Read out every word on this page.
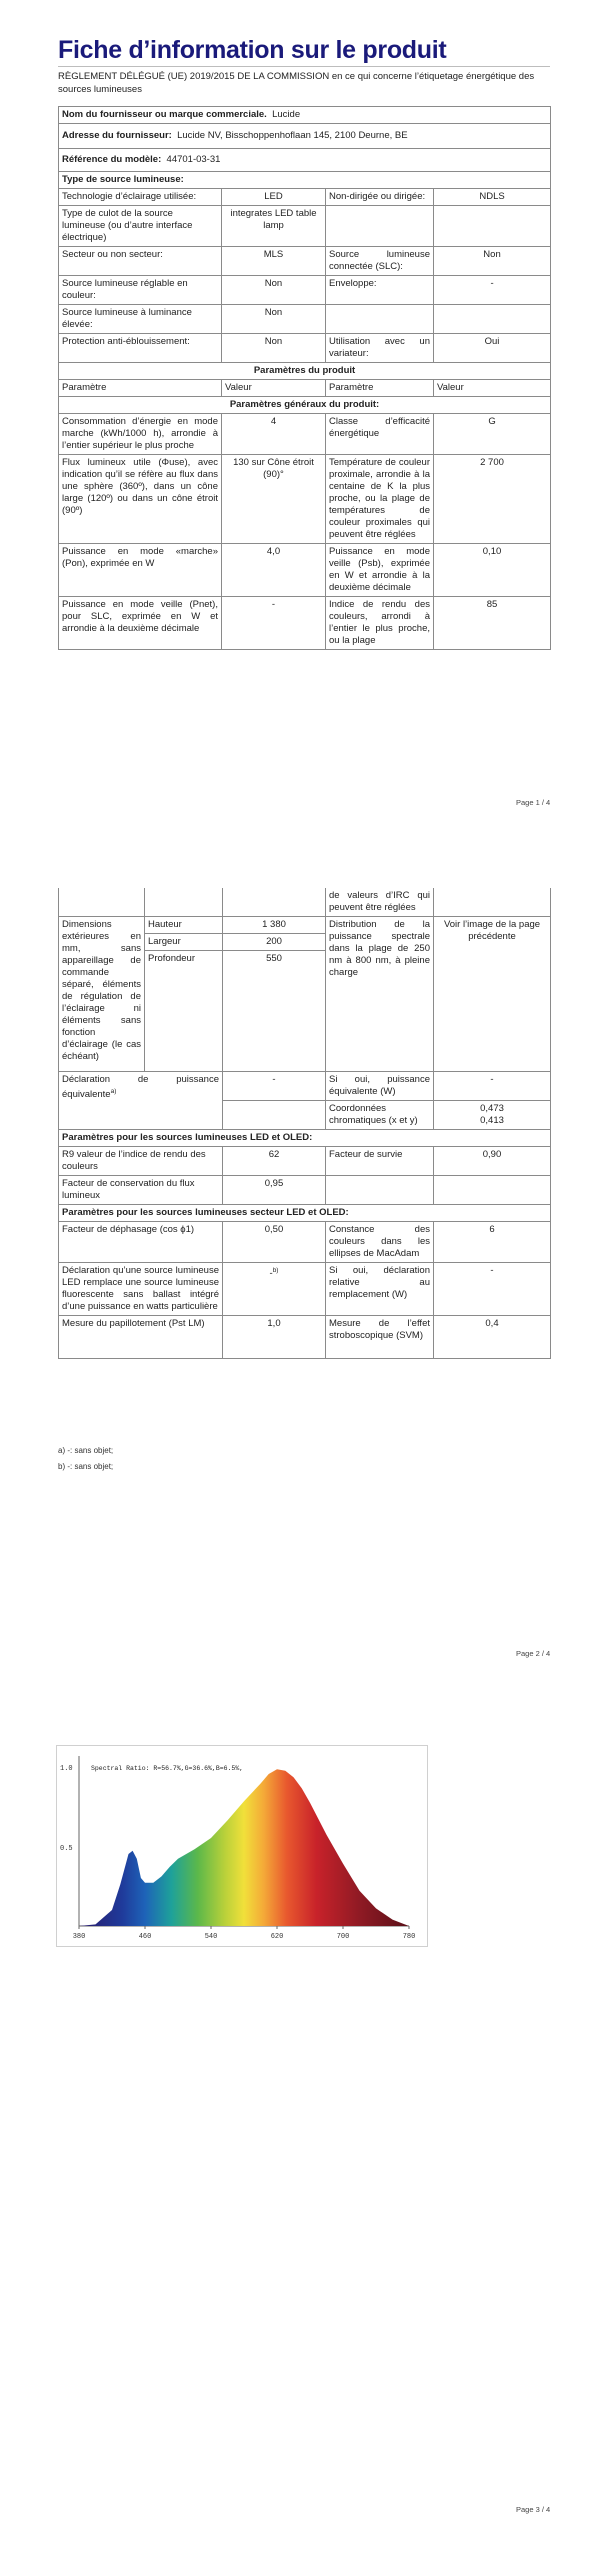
Fiche d’information sur le produit
RÈGLEMENT DÉLÉGUÉ (UE) 2019/2015 DE LA COMMISSION en ce qui concerne l’étiquetage énergétique des sources lumineuses
Nom du fournisseur ou marque commerciale. Lucide			
Adresse du fournisseur: Lucide NV, Bisschoppenhoflaan 145, 2100 Deurne, BE			
Référence du modèle: 44701-03-31			
Type de source lumineuse:			
Technologie d’éclairage utilisée:	LED	Non-dirigée ou dirigée:	NDLS
Type de culot de la source lumineuse (ou d’autre interface électrique)	integrates LED table lamp		
Secteur ou non secteur:	MLS	Source lumineuse connectée (SLC):	Non
Source lumineuse réglable en couleur:	Non	Enveloppe:	-
Source lumineuse à luminance élevée:	Non		
Protection anti-éblouissement:	Non	Utilisation avec un variateur:	Oui
Paramètres du produit			
Paramètre	Valeur	Paramètre	Valeur
Paramètres généraux du produit:			
Consommation d’énergie en mode marche (kWh/1000 h), arrondie à l’entier supérieur le plus proche	4	Classe d’efficacité énergétique	G
Flux lumineux utile (Φuse), avec indication qu’il se réfère au flux dans une sphère (360º), dans un cône large (120º) ou dans un cône étroit (90º)	130 sur Cône étroit (90)°	Température de couleur proximale, arrondie à la centaine de K la plus proche, ou la plage de températures de couleur proximales qui peuvent être réglées	2 700
Puissance en mode «marche» (Pon), exprimée en W	4,0	Puissance en mode veille (Psb), exprimée en W et arrondie à la deuxième décimale	0,10
Puissance en mode veille (Pnet), pour SLC, exprimée en W et arrondie à la deuxième décimale	-	Indice de rendu des couleurs, arrondi à l’entier le plus proche, ou la plage	85
Page 1 / 4
			de valeurs d’IRC qui peuvent être réglées	
Dimensions extérieures en mm, sans appareillage de commande séparé, éléments de régulation de l’éclairage ni éléments sans fonction d’éclairage (le cas échéant)	Hauteur	1 380	Distribution de la puissance spectrale dans la plage de 250 nm à 800 nm, à pleine charge	Voir l’image de la page précédente
	Largeur	200		
	Profondeur	550		

Déclaration de puissance équivalente$^{a)}$		-	Si oui, puissance équivalente (W)	-
			Coordonnées chromatiques (x et y)	0,473
0,413

Paramètres pour les sources lumineuses LED et OLED:				
R9 valeur de l’indice de rendu des couleurs		62	Facteur de survie	0,90
Facteur de conservation du flux lumineux		0,95		
Paramètres pour les sources lumineuses secteur LED et OLED:				
Facteur de déphasage (cos ϕ1)		0,50	Constance des couleurs dans les ellipses de MacAdam	6
Déclaration qu’une source lumineuse LED remplace une source lumineuse fluorescente sans ballast intégré d’une puissance en watts particulière		-$^{b)}$	Si oui, déclaration relative au remplacement (W)	-
Mesure du papillotement (Pst LM)		1,0	Mesure de l’effet stroboscopique (SVM)	0,4
a) -: sans objet;
b) -: sans objet;
Page 2 / 4
1.0
0.5
Spectral Ratio: R=56.7%,G=36.6%,B=6.5%,
380	460	540	620	700	780
Page 3 / 4
